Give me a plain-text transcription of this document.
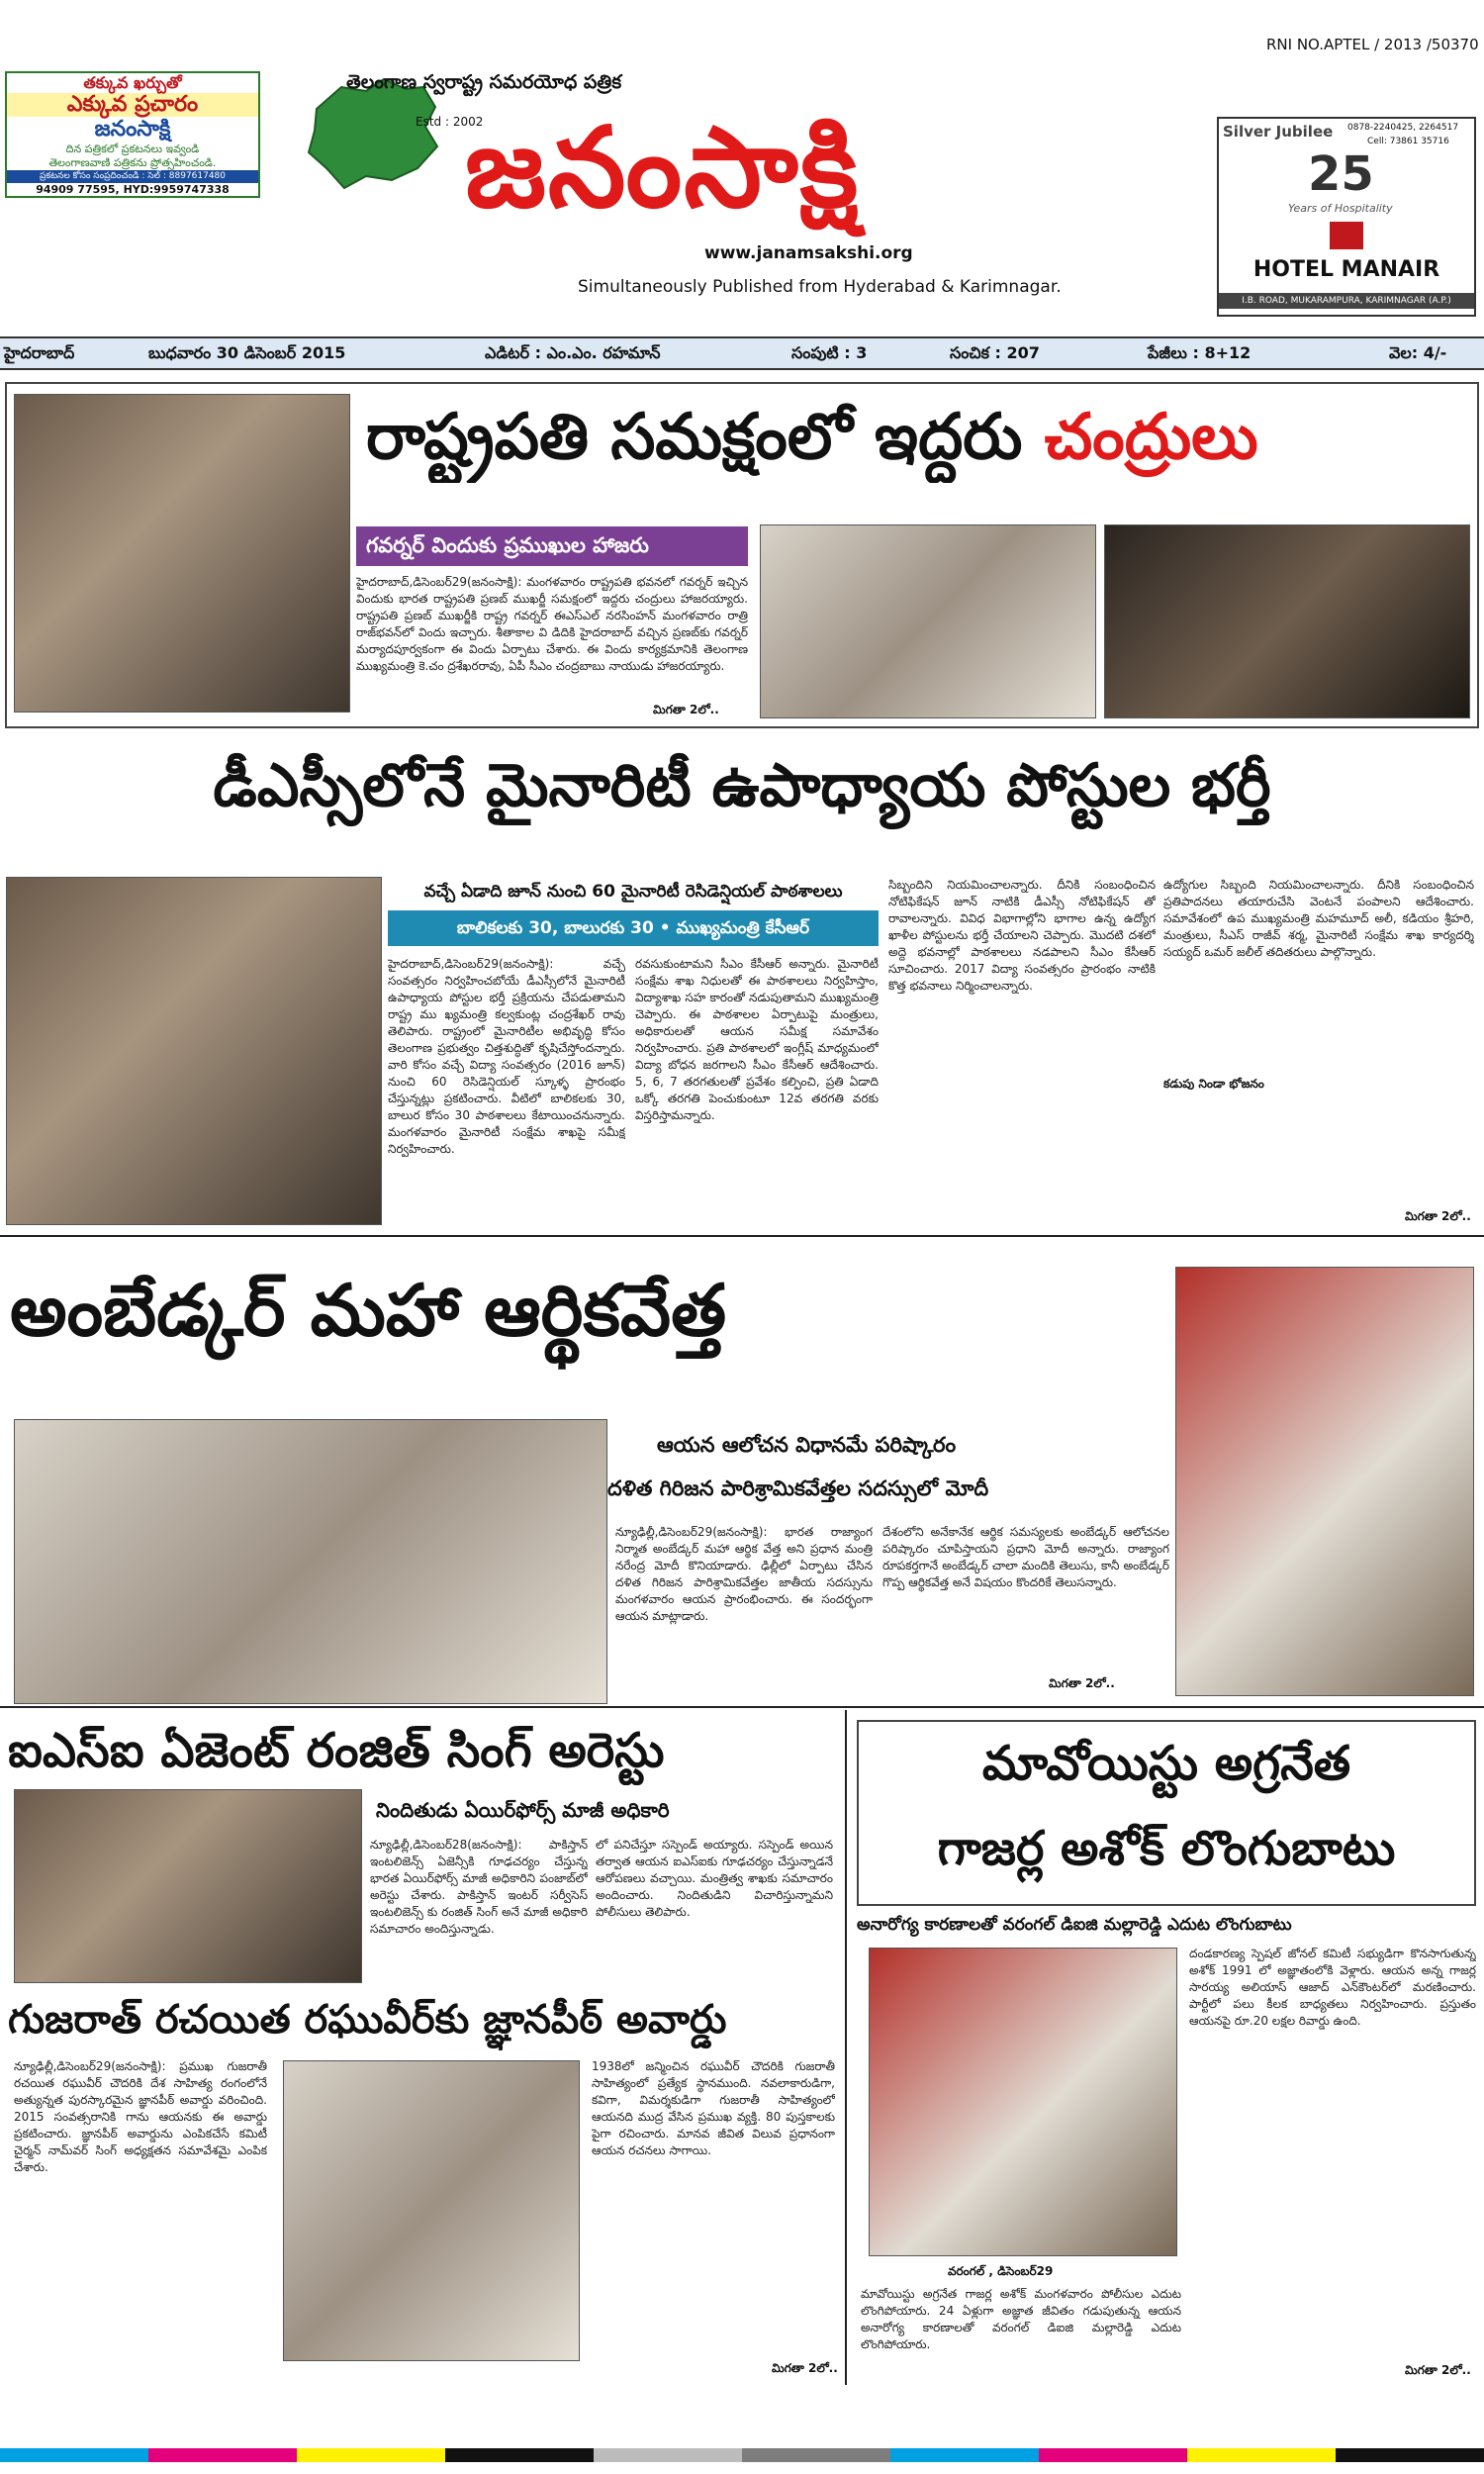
తక్కువ ఖర్చుతో
ఎక్కువ ప్రచారం
జనంసాక్షి
దిన పత్రికలో ప్రకటనలు ఇవ్వండి
తెలంగాణవాణి పత్రికను ప్రోత్సహించండి.
ప్రకటనల కోసం సంప్రదించండి : సెల్ : 8897617480
94909 77595, HYD:9959747338
తెలంగాణ స్వరాష్ట్ర సమరయోధ పత్రిక
Estd : 2002
జనంసాక్షి
www.janamsakshi.org
Simultaneously Published from Hyderabad & Karimnagar.
RNI NO.APTEL / 2013 /50370
Silver Jubilee 0878-2240425, 2264517
Cell: 73861 35716
25
Years of Hospitality
HOTEL MANAIR
I.B. ROAD, MUKARAMPURA, KARIMNAGAR (A.P.)
హైదరాబాద్	బుధవారం 30 డిసెంబర్ 2015	ఎడిటర్ : ఎం.ఎం. రహమాన్	సంపుటి : 3	సంచిక : 207	పేజీలు : 8+12	వెల: 4/-
రాష్ట్రపతి సమక్షంలో ఇద్దరు చంద్రులు
గవర్నర్ విందుకు ప్రముఖుల హాజరు
హైదరాబాద్,డిసెంబర్29(జనంసాక్షి): మంగళవారం రాష్ట్రపతి భవనలో గవర్నర్ ఇచ్చిన విందుకు భారత రాష్ట్రపతి ప్రణబ్ ముఖర్జీ సమక్షంలో ఇద్దరు చంద్రులు హాజరయ్యారు. రాష్ట్రపతి ప్రణబ్ ముఖర్జీకి రాష్ట్ర గవర్నర్ ఈఎస్ఎల్ నరసింహన్ మంగళవారం రాత్రి రాజ్‌భవన్‌లో విందు ఇచ్చారు. శీతాకాల వి డిదికి హైదరాబాద్ వచ్చిన ప్రణబ్‌కు గవర్నర్ మర్యాదపూర్వకంగా ఈ విందు ఏర్పాటు చేశారు. ఈ విందు కార్యక్రమానికి తెలంగాణ ముఖ్యమంత్రి కె.చం ద్రశేఖరరావు, ఏపీ సీఎం చంద్రబాబు నాయుడు హాజరయ్యారు.
మిగతా 2లో..
డీఎస్సీలోనే మైనారిటీ ఉపాధ్యాయ పోస్టుల భర్తీ
వచ్చే ఏడాది జూన్ నుంచి 60 మైనారిటీ రెసిడెన్షియల్ పాఠశాలలు
బాలికలకు 30, బాలురకు 30 • ముఖ్యమంత్రి కేసీఆర్
హైదరాబాద్,డిసెంబర్29(జనంసాక్షి): వచ్చే సంవత్సరం నిర్వహించబోయే డీఎస్సీలోనే మైనారిటీ ఉపాధ్యాయ పోస్టుల భర్తీ ప్రక్రియను చేపడుతామని రాష్ట్ర ము ఖ్యమంత్రి కల్వకుంట్ల చంద్రశేఖర్ రావు తెలిపారు. రాష్ట్రంలో మైనారిటీల అభివృద్ధి కోసం తెలంగాణ ప్రభుత్వం చిత్తశుద్ధితో కృషిచేస్తోందన్నారు. వారి కోసం వచ్చే విద్యా సంవత్సరం (2016 జూన్) నుంచి 60 రెసిడెన్షియల్ స్కూళ్ళ ప్రారంభం చేస్తున్నట్లు ప్రకటించారు. వీటిలో బాలికలకు 30, బాలుర కోసం 30 పాఠశాలలు కేటాయించనున్నారు. మంగళవారం మైనారిటీ సంక్షేమ శాఖపై సమీక్ష నిర్వహించారు.
రవసుకుంటామని సీఎం కేసీఆర్ అన్నారు. మైనారిటీ సంక్షేమ శాఖ నిధులతో ఈ పాఠశాలలు నిర్వహిస్తాం, విద్యాశాఖ సహ కారంతో నడుపుతామని ముఖ్యమంత్రి చెప్పారు. ఈ పాఠశాలల ఏర్పాటుపై మంత్రులు, అధికారులతో ఆయన సమీక్ష సమావేశం నిర్వహించారు. ప్రతి పాఠశాలలో ఇంగ్లీష్ మాధ్యమంలో విద్యా బోధన జరగాలని సీఎం కేసీఆర్ ఆదేశించారు. 5, 6, 7 తరగతులతో ప్రవేశం కల్పించి, ప్రతి ఏడాది ఒక్కో తరగతి పెంచుకుంటూ 12వ తరగతి వరకు విస్తరిస్తామన్నారు.
సిబ్బందిని నియమించాలన్నారు. దీనికి సంబంధించిన నోటిఫికేషన్ జూన్ నాటికి డీఎస్సీ నోటిఫికేషన్ తో రావాలన్నారు. వివిధ విభాగాల్లోని భాగాల ఉన్న ఉద్యోగ ఖాళీల పోస్టులను భర్తీ చేయాలని చెప్పారు. మొదటి దశలో అద్దె భవనాల్లో పాఠశాలలు నడపాలని సీఎం కేసీఆర్ సూచించారు. 2017 విద్యా సంవత్సరం ప్రారంభం నాటికి కొత్త భవనాలు నిర్మించాలన్నారు.
ఉద్యోగుల సిబ్బంది నియమించాలన్నారు. దీనికి సంబంధించిన ప్రతిపాదనలు తయారుచేసి వెంటనే పంపాలని ఆదేశించారు. సమావేశంలో ఉప ముఖ్యమంత్రి మహమూద్ అలీ, కడియం శ్రీహరి, మంత్రులు, సీఎస్ రాజీవ్ శర్మ, మైనారిటీ సంక్షేమ శాఖ కార్యదర్శి సయ్యద్ ఒమర్ జలీల్ తదితరులు పాల్గొన్నారు.
కడుపు నిండా భోజనం
మిగతా 2లో..
అంబేడ్కర్ మహా ఆర్థికవేత్త
ఆయన ఆలోచన విధానమే పరిష్కారం
దళిత గిరిజన పారిశ్రామికవేత్తల సదస్సులో మోదీ
న్యూఢిల్లీ,డిసెంబర్29(జనంసాక్షి): భారత రాజ్యాంగ నిర్మాత అంబేడ్కర్ మహా ఆర్థిక వేత్త అని ప్రధాన మంత్రి నరేంద్ర మోదీ కొనియాడారు. ఢిల్లీలో ఏర్పాటు చేసిన దళిత గిరిజన పారిశ్రామికవేత్తల జాతీయ సదస్సును మంగళవారం ఆయన ప్రారంభించారు. ఈ సందర్భంగా ఆయన మాట్లాడారు.
దేశంలోని అనేకానేక ఆర్థిక సమస్యలకు అంబేడ్కర్ ఆలోచనల పరిష్కారం చూపిస్తాయని ప్రధాని మోదీ అన్నారు. రాజ్యాంగ రూపకర్తగానే అంబేడ్కర్ చాలా మందికి తెలుసు, కానీ అంబేడ్కర్ గొప్ప ఆర్థికవేత్త అనే విషయం కొందరికే తెలుసన్నారు.
మిగతా 2లో..
ఐఎస్ఐ ఏజెంట్ రంజిత్ సింగ్ అరెస్టు
నిందితుడు ఏయిర్‌ఫోర్స్ మాజీ అధికారి
న్యూఢిల్లీ,డిసెంబర్28(జనంసాక్షి): పాకిస్తాన్ ఇంటలిజెన్స్ ఏజెన్సీకి గూఢచర్యం చేస్తున్న భారత ఏయిర్‌ఫోర్స్ మాజీ అధికారిని పంజాబ్‌లో అరెస్టు చేశారు. పాకిస్తాన్ ఇంటర్ సర్వీసెస్ ఇంటలిజెన్స్ కు రంజిత్ సింగ్ అనే మాజీ అధికారి సమాచారం అందిస్తున్నాడు.
లో పనిచేస్తూ సస్పెండ్ అయ్యారు. సస్పెండ్ అయిన తర్వాత ఆయన ఐఎస్ఐకు గూఢచర్యం చేస్తున్నాడనే ఆరోపణలు వచ్చాయి. మంత్రిత్వ శాఖకు సమాచారం అందించారు. నిందితుడిని విచారిస్తున్నామని పోలీసులు తెలిపారు.
గుజరాత్ రచయిత రఘువీర్‌కు జ్ఞానపీఠ్ అవార్డు
న్యూఢిల్లీ,డిసెంబర్29(జనంసాక్షి): ప్రముఖ గుజరాతీ రచయిత రఘువీర్ చౌదరికి దేశ సాహిత్య రంగంలోనే అత్యున్నత పురస్కారమైన జ్ఞానపీఠ్ అవార్డు వరించింది. 2015 సంవత్సరానికి గాను ఆయనకు ఈ అవార్డు ప్రకటించారు. జ్ఞానపీఠ్ అవార్డును ఎంపికచేసే కమిటీ చైర్మన్ నామ్‌వర్ సింగ్ అధ్యక్షతన సమావేశమై ఎంపిక చేశారు.
1938లో జన్మించిన రఘువీర్ చౌదరికి గుజరాతీ సాహిత్యంలో ప్రత్యేక స్థానముంది. నవలాకారుడిగా, కవిగా, విమర్శకుడిగా గుజరాతీ సాహిత్యంలో ఆయనది ముద్ర వేసిన ప్రముఖ వ్యక్తి. 80 పుస్తకాలకు పైగా రచించారు. మానవ జీవిత విలువ ప్రధానంగా ఆయన రచనలు సాగాయి.
మిగతా 2లో..
మావోయిస్టు అగ్రనేత
గాజర్ల అశోక్ లొంగుబాటు
అనారోగ్య కారణాలతో వరంగల్ డిఐజి మల్లారెడ్డి ఎదుట లొంగుబాటు
వరంగల్ , డిసెంబర్29
మావోయిస్టు అగ్రనేత గాజర్ల అశోక్ మంగళవారం పోలీసుల ఎదుట లొంగిపోయారు. 24 ఏళ్లుగా అజ్ఞాత జీవితం గడుపుతున్న ఆయన అనారోగ్య కారణాలతో వరంగల్ డిఐజి మల్లారెడ్డి ఎదుట లొంగిపోయారు.
దండకారణ్య స్పెషల్ జోనల్ కమిటీ సభ్యుడిగా కొనసాగుతున్న అశోక్ 1991 లో అజ్ఞాతంలోకి వెళ్లారు. ఆయన అన్న గాజర్ల సారయ్య అలియాస్ ఆజాద్ ఎన్‌కౌంటర్‌లో మరణించారు. పార్టీలో పలు కీలక బాధ్యతలు నిర్వహించారు. ప్రస్తుతం ఆయనపై రూ.20 లక్షల రివార్డు ఉంది.
మిగతా 2లో..
